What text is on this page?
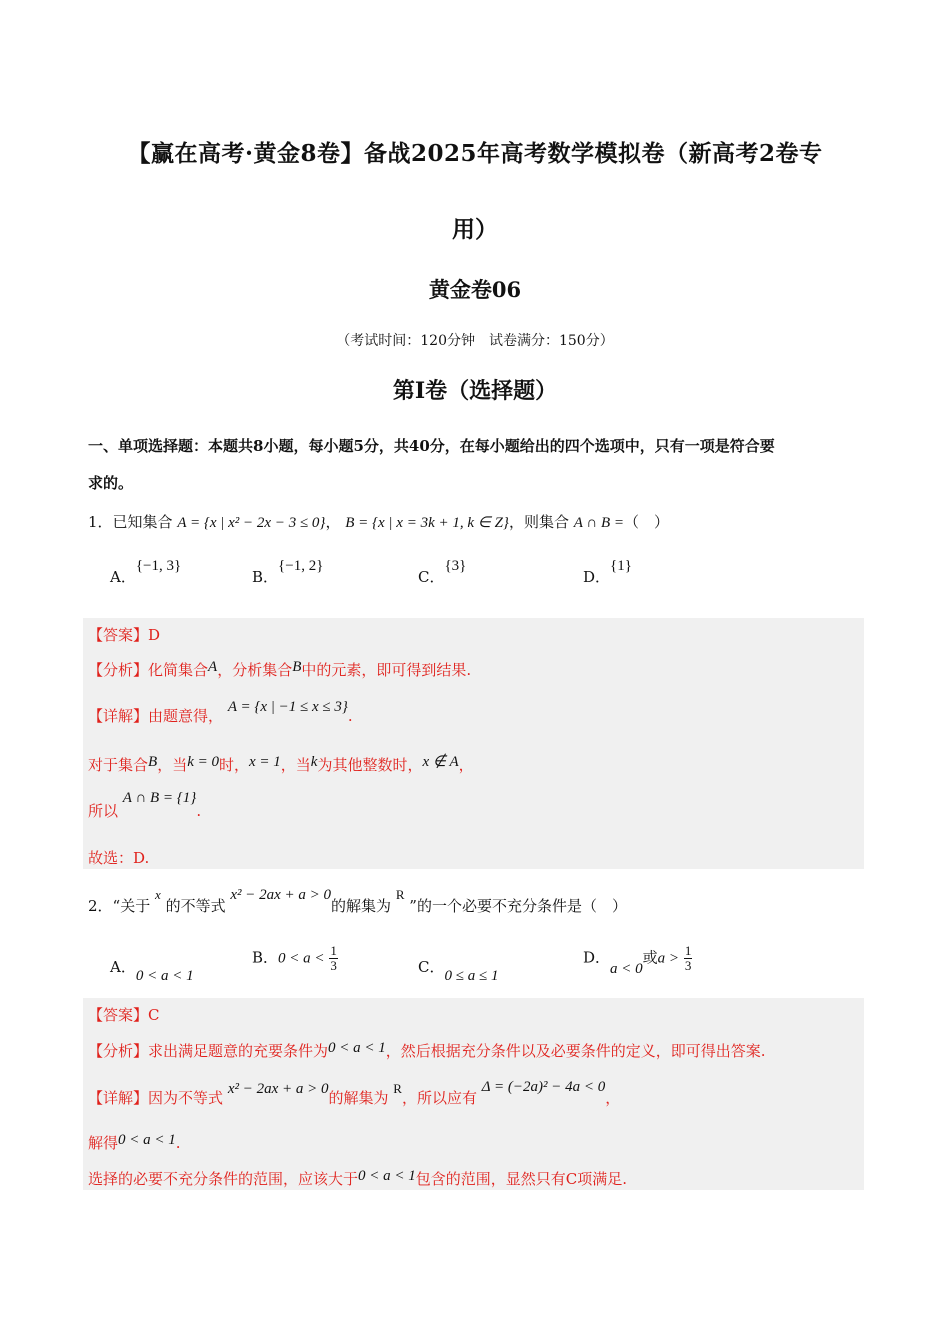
【赢在高考·黄金8卷】备战2025年高考数学模拟卷（新高考2卷专
用）
黄金卷06
（考试时间：120分钟　试卷满分：150分）
第I卷（选择题）
一、单项选择题：本题共8小题，每小题5分，共40分，在每小题给出的四个选项中，只有一项是符合要
求的。
1．已知集合 A = {x | x² − 2x − 3 ≤ 0}， B = {x | x = 3k + 1, k ∈ Z}，则集合 A ∩ B =（　）
A．{−1, 3}
B．{−1, 2}
C．{3}
D．{1}
【答案】D
【分析】化简集合A，分析集合B中的元素，即可得到结果.
【详解】由题意得， A = {x | −1 ≤ x ≤ 3}.
对于集合B，当k = 0时，x = 1，当k为其他整数时，x ∉ A，
所以 A ∩ B = {1}.
故选：D.
2．“关于 x 的不等式 x² − 2ax + a > 0的解集为 R ”的一个必要不充分条件是（　）
A．0 < a < 1
B．$0 < a < \frac{1}{3}$	C．0 ≤ a ≤ 1
D．a < 0或$a > \frac{1}{3}$
【答案】C
【分析】求出满足题意的充要条件为0 < a < 1，然后根据充分条件以及必要条件的定义，即可得出答案.
【详解】因为不等式 x² − 2ax + a > 0的解集为 R，所以应有 Δ = (−2a)² − 4a < 0，
解得0 < a < 1.
选择的必要不充分条件的范围，应该大于0 < a < 1包含的范围，显然只有C项满足.
